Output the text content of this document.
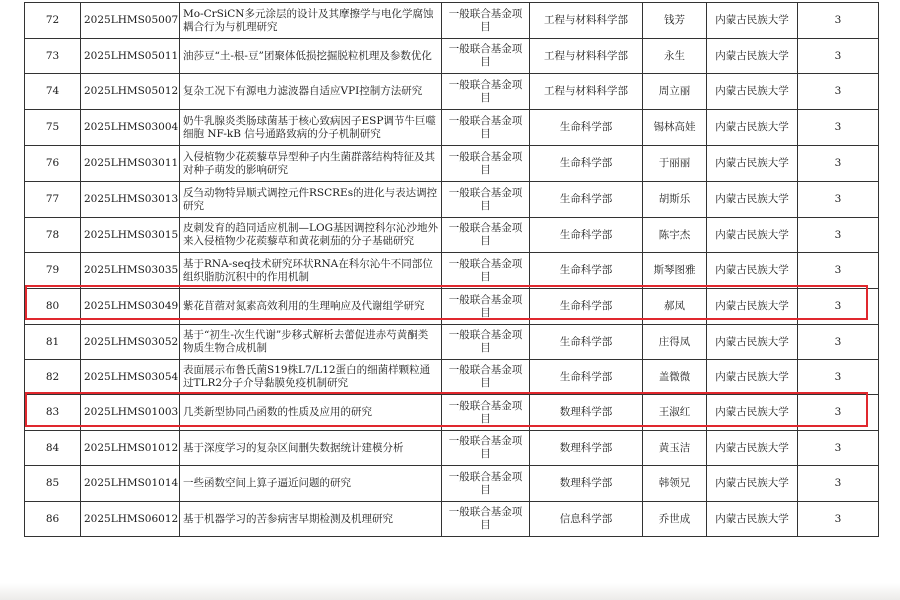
72	2025LHMS05007	Mo-CrSiCN多元涂层的设计及其摩擦学与电化学腐蚀耦合行为与机理研究	一般联合基金项目	工程与材料科学部	钱芳	内蒙古民族大学	3
73	2025LHMS05011	油莎豆“土-根-豆”团聚体低损挖掘脱粒机理及参数优化	一般联合基金项目	工程与材料科学部	永生	内蒙古民族大学	3
74	2025LHMS05012	复杂工况下有源电力滤波器自适应VPI控制方法研究	一般联合基金项目	工程与材料科学部	周立丽	内蒙古民族大学	3
75	2025LHMS03004	奶牛乳腺炎类肠球菌基于核心致病因子ESP调节牛巨噬细胞 NF-kB 信号通路致病的分子机制研究	一般联合基金项目	生命科学部	锡林高娃	内蒙古民族大学	3
76	2025LHMS03011	入侵植物少花蒺藜草异型种子内生菌群落结构特征及其对种子萌发的影响研究	一般联合基金项目	生命科学部	于丽丽	内蒙古民族大学	3
77	2025LHMS03013	反刍动物特异顺式调控元件RSCREs的进化与表达调控研究	一般联合基金项目	生命科学部	胡斯乐	内蒙古民族大学	3
78	2025LHMS03015	皮刺发育的趋同适应机制—LOG基因调控科尔沁沙地外来入侵植物少花蒺藜草和黄花刺茄的分子基础研究	一般联合基金项目	生命科学部	陈宇杰	内蒙古民族大学	3
79	2025LHMS03035	基于RNA-seq技术研究环状RNA在科尔沁牛不同部位组织脂肪沉积中的作用机制	一般联合基金项目	生命科学部	斯琴图雅	内蒙古民族大学	3
80	2025LHMS03049	紫花苜蓿对氮素高效利用的生理响应及代谢组学研究	一般联合基金项目	生命科学部	郝凤	内蒙古民族大学	3
81	2025LHMS03052	基于“初生-次生代谢”步移式解析去蕾促进赤芍黄酮类物质生物合成机制	一般联合基金项目	生命科学部	庄得凤	内蒙古民族大学	3
82	2025LHMS03054	表面展示布鲁氏菌S19株L7/L12蛋白的细菌样颗粒通过TLR2分子介导黏膜免疫机制研究	一般联合基金项目	生命科学部	盖微微	内蒙古民族大学	3
83	2025LHMS01003	几类新型协同凸函数的性质及应用的研究	一般联合基金项目	数理科学部	王淑红	内蒙古民族大学	3
84	2025LHMS01012	基于深度学习的复杂区间删失数据统计建模分析	一般联合基金项目	数理科学部	黄玉洁	内蒙古民族大学	3
85	2025LHMS01014	一些函数空间上算子逼近问题的研究	一般联合基金项目	数理科学部	韩领兄	内蒙古民族大学	3
86	2025LHMS06012	基于机器学习的苦参病害早期检测及机理研究	一般联合基金项目	信息科学部	乔世成	内蒙古民族大学	3
